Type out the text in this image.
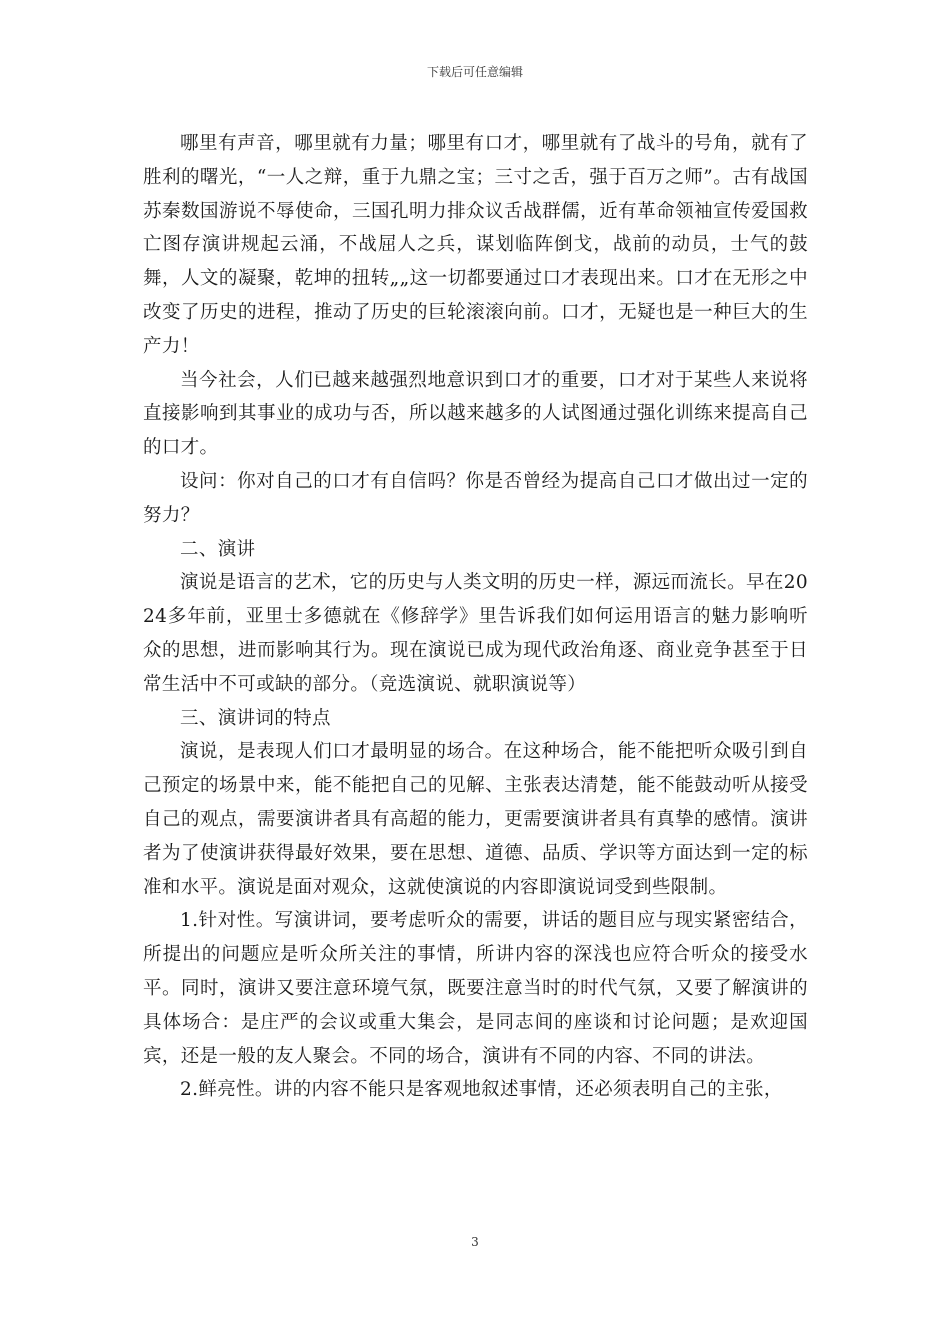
下载后可任意编辑

哪里有声音，哪里就有力量；哪里有口才，哪里就有了战斗的号角，就有了胜利的曙光，“一人之辩，重于九鼎之宝；三寸之舌，强于百万之师”。古有战国苏秦数国游说不辱使命，三国孔明力排众议舌战群儒，近有革命领袖宣传爱国救亡图存演讲规起云涌，不战屈人之兵，谋划临阵倒戈，战前的动员，士气的鼓舞，人文的凝聚，乾坤的扭转„„这一切都要通过口才表现出来。口才在无形之中改变了历史的进程，推动了历史的巨轮滚滚向前。口才，无疑也是一种巨大的生产力！

当今社会，人们已越来越强烈地意识到口才的重要，口才对于某些人来说将直接影响到其事业的成功与否，所以越来越多的人试图通过强化训练来提高自己的口才。

设问：你对自己的口才有自信吗？你是否曾经为提高自己口才做出过一定的努力？

二、演讲

演说是语言的艺术，它的历史与人类文明的历史一样，源远而流长。早在2024多年前，亚里士多德就在《修辞学》里告诉我们如何运用语言的魅力影响听众的思想，进而影响其行为。现在演说已成为现代政治角逐、商业竞争甚至于日常生活中不可或缺的部分。（竞选演说、就职演说等）

三、演讲词的特点

演说，是表现人们口才最明显的场合。在这种场合，能不能把听众吸引到自己预定的场景中来，能不能把自己的见解、主张表达清楚，能不能鼓动听从接受自己的观点，需要演讲者具有高超的能力，更需要演讲者具有真挚的感情。演讲者为了使演讲获得最好效果，要在思想、道德、品质、学识等方面达到一定的标准和水平。演说是面对观众，这就使演说的内容即演说词受到些限制。

1.针对性。写演讲词，要考虑听众的需要，讲话的题目应与现实紧密结合，所提出的问题应是听众所关注的事情，所讲内容的深浅也应符合听众的接受水平。同时，演讲又要注意环境气氛，既要注意当时的时代气氛，又要了解演讲的具体场合：是庄严的会议或重大集会，是同志间的座谈和讨论问题；是欢迎国宾，还是一般的友人聚会。不同的场合，演讲有不同的内容、不同的讲法。

2.鲜亮性。讲的内容不能只是客观地叙述事情，还必须表明自己的主张，

3
